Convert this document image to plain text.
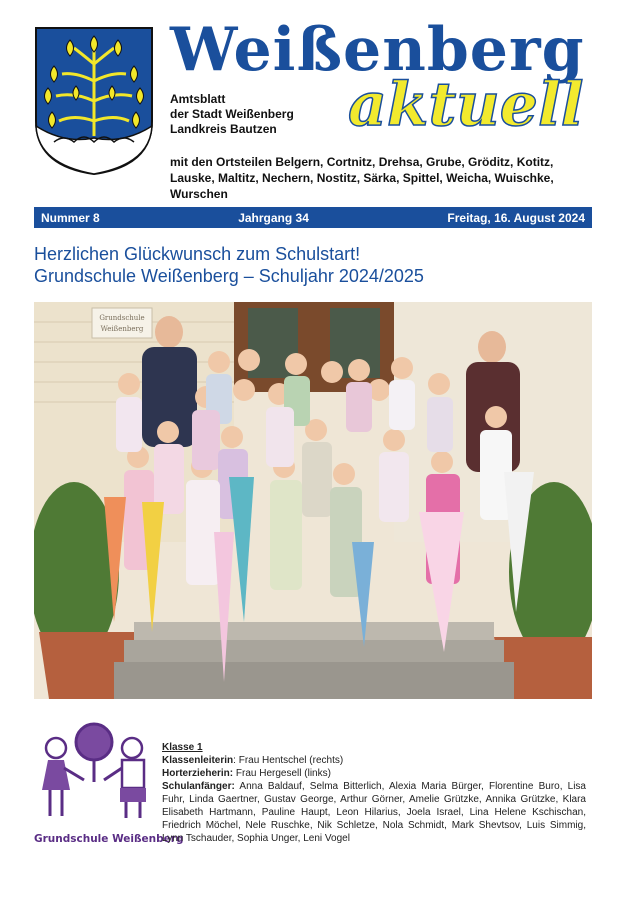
Weißenberg
aktuell
Amtsblatt
der Stadt Weißenberg
Landkreis Bautzen
mit den Ortsteilen Belgern, Cortnitz, Drehsa, Grube, Gröditz, Kotitz, Lauske, Maltitz, Nechern, Nostitz, Särka, Spittel, Weicha, Wuischke, Wurschen
Nummer 8	Jahrgang 34	Freitag, 16. August 2024
Herzlichen Glückwunsch zum Schulstart!
Grundschule Weißenberg – Schuljahr 2024/2025
Grundschule
Weißenberg
Grundschule Weißenberg
Klasse 1
Klassenleiterin: Frau Hentschel (rechts)
Horterzieherin: Frau Hergesell (links)
Schulanfänger: Anna Baldauf, Selma Bitterlich, Alexia Maria Bürger, Florentine Buro, Lisa Fuhr, Linda Gaertner, Gustav George, Arthur Görner, Amelie Grützke, Annika Grützke, Klara Elisabeth Hartmann, Pauline Haupt, Leon Hilarius, Joela Israel, Lina Helene Kschischan, Friedrich Möchel, Nele Ruschke, Nik Schletze, Nola Schmidt, Mark Shevtsov, Luis Simmig, Lynn Tschauder, Sophia Unger, Leni Vogel
